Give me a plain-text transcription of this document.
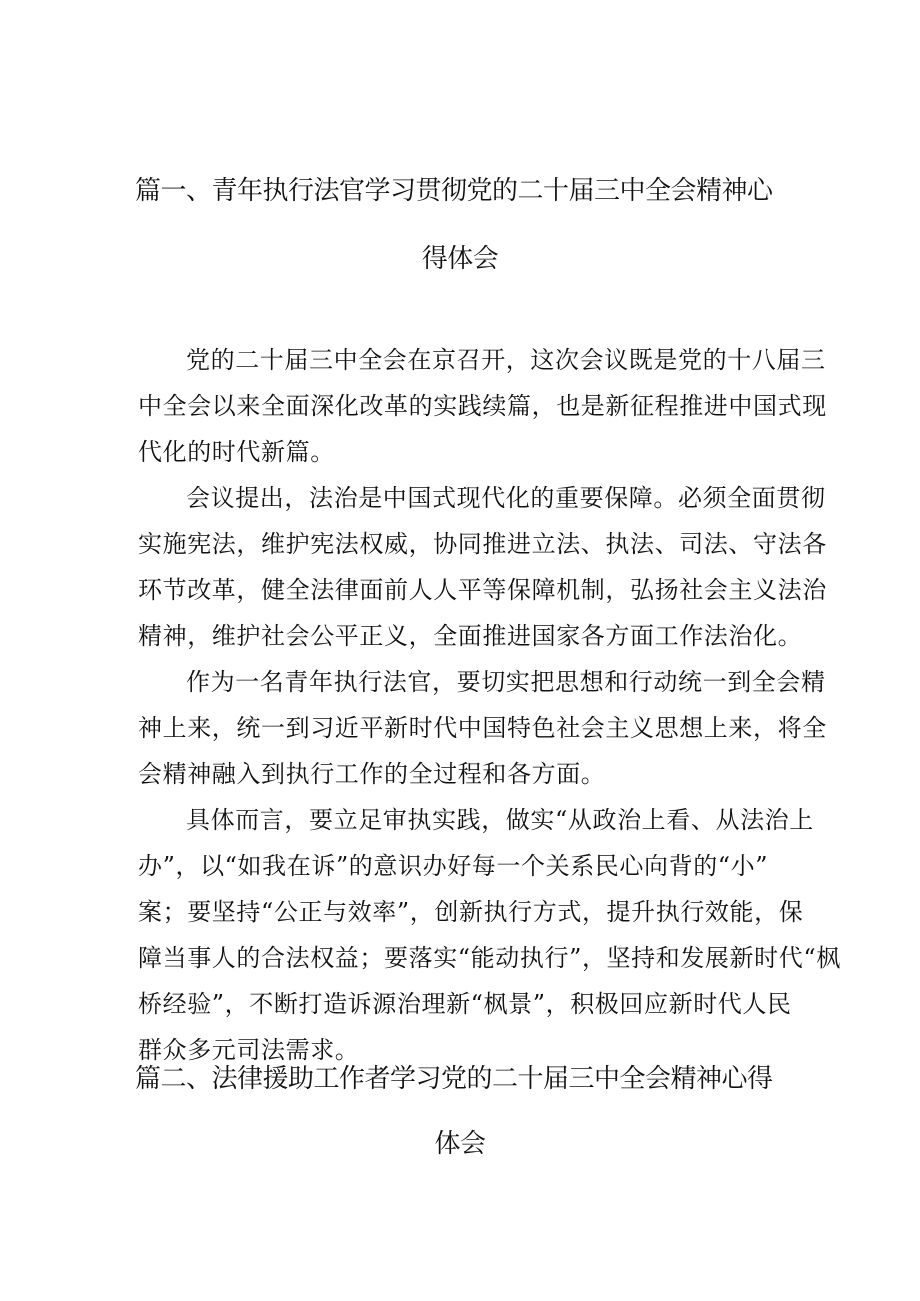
篇一、青年执行法官学习贯彻党的二十届三中全会精神心
得体会
党的二十届三中全会在京召开，这次会议既是党的十八届三
中全会以来全面深化改革的实践续篇，也是新征程推进中国式现
代化的时代新篇。
会议提出，法治是中国式现代化的重要保障。必须全面贯彻
实施宪法，维护宪法权威，协同推进立法、执法、司法、守法各
环节改革，健全法律面前人人平等保障机制，弘扬社会主义法治
精神，维护社会公平正义，全面推进国家各方面工作法治化。
作为一名青年执行法官，要切实把思想和行动统一到全会精
神上来，统一到习近平新时代中国特色社会主义思想上来，将全
会精神融入到执行工作的全过程和各方面。
具体而言，要立足审执实践，做实“从政治上看、从法治上
办”，以“如我在诉”的意识办好每一个关系民心向背的“小”
案；要坚持“公正与效率”，创新执行方式，提升执行效能，保
障当事人的合法权益；要落实“能动执行”，坚持和发展新时代“枫
桥经验”，不断打造诉源治理新“枫景”，积极回应新时代人民
群众多元司法需求。
篇二、法律援助工作者学习党的二十届三中全会精神心得
体会
